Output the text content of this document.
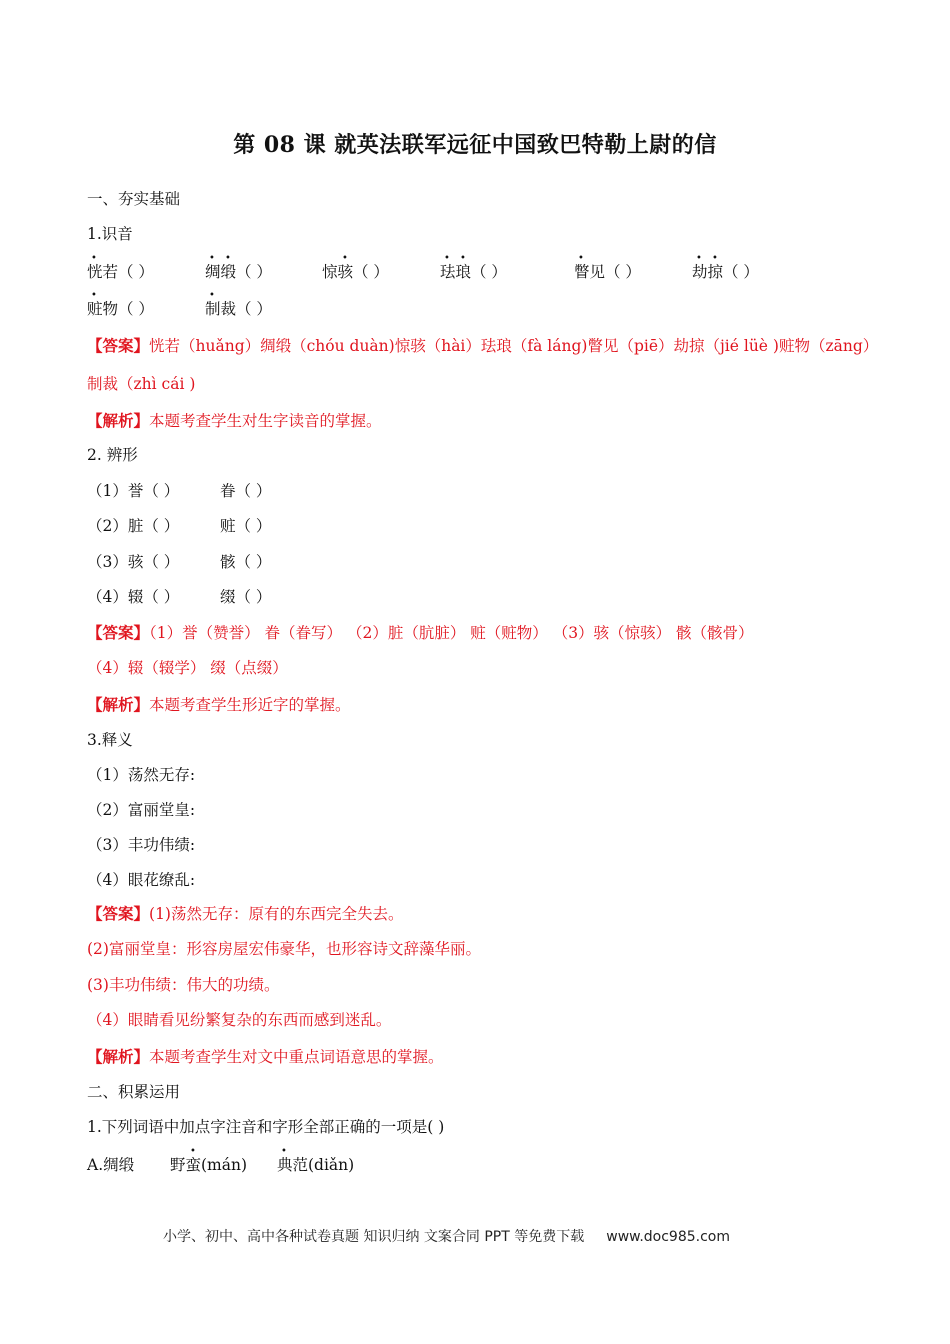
第 08 课 就英法联军远征中国致巴特勒上尉的信
一、夯实基础
1.识音
•
恍若（ ）
• •
绸缎（ ）
•
惊骇（ ）
• •
珐琅（ ）
•
瞥见（ ）
• •
劫掠（ ）
•
赃物（ ）
•
制裁（ ）
【答案】恍若（huǎng）绸缎（chóu duàn)惊骇（hài）珐琅（fà láng)瞥见（piē）劫掠（jié lüè )赃物（zāng）
制裁（zhì cái )
【解析】本题考查学生对生字读音的掌握。
2. 辨形
（1）誉（ ）	眷（ ）
（2）脏（ ）	赃（ ）
（3）骇（ ）	骸（ ）
（4）辍（ ）	缀（ ）
【答案】（1）誉（赞誉） 眷（眷写） （2）脏（肮脏） 赃（赃物） （3）骇（惊骇） 骸（骸骨）
（4）辍（辍学） 缀（点缀）
【解析】本题考查学生形近字的掌握。
3.释义
（1）荡然无存:
（2）富丽堂皇:
（3）丰功伟绩:
（4）眼花缭乱:
【答案】(1)荡然无存：原有的东西完全失去。
(2)富丽堂皇：形容房屋宏伟豪华，也形容诗文辞藻华丽。
(3)丰功伟绩：伟大的功绩。
（4）眼睛看见纷繁复杂的东西而感到迷乱。
【解析】本题考查学生对文中重点词语意思的掌握。
二、积累运用
1.下列词语中加点字注音和字形全部正确的一项是( )
A.绸缎
•
野蛮(mán)
•
典范(diǎn)
小学、初中、高中各种试卷真题 知识归纳 文案合同 PPT 等免费下载 www.doc985.com
